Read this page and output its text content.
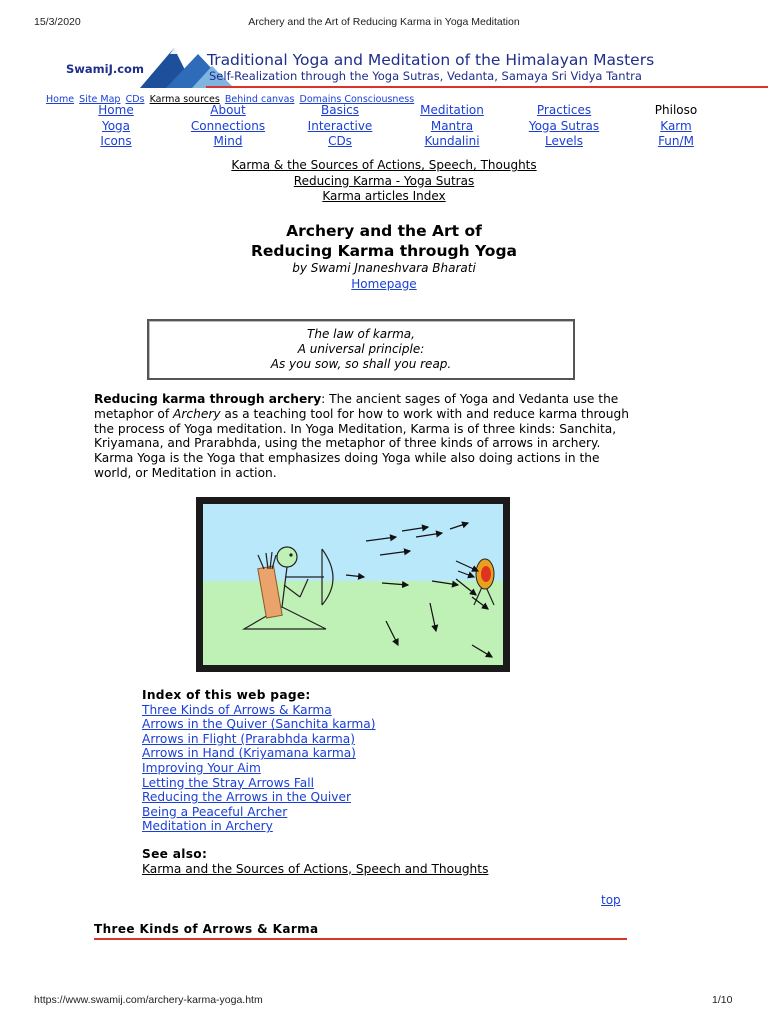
15/3/2020	Archery and the Art of Reducing Karma in Yoga Meditation
SwamiJ.com	Traditional Yoga and Meditation of the Himalayan Masters
Self-Realization through the Yoga Sutras, Vedanta, Samaya Sri Vidya Tantra
Home Site Map CDs Karma sources Behind canvas Domains Consciousness
Home	About	Basics	Meditation	Practices	Philoso
Yoga	Connections	Interactive	Mantra	Yoga Sutras	Karm
Icons	Mind	CDs	Kundalini	Levels	Fun/M
Karma & the Sources of Actions, Speech, Thoughts
Reducing Karma - Yoga Sutras
Karma articles Index
Archery and the Art of
Reducing Karma through Yoga
by Swami Jnaneshvara Bharati
Homepage
The law of karma,
A universal principle:
As you sow, so shall you reap.
Reducing karma through archery: The ancient sages of Yoga and Vedanta use the metaphor of Archery as a teaching tool for how to work with and reduce karma through the process of Yoga meditation. In Yoga Meditation, Karma is of three kinds: Sanchita, Kriyamana, and Prarabhda, using the metaphor of three kinds of arrows in archery. Karma Yoga is the Yoga that emphasizes doing Yoga while also doing actions in the world, or Meditation in action.
Index of this web page:
Three Kinds of Arrows & Karma
Arrows in the Quiver (Sanchita karma)
Arrows in Flight (Prarabhda karma)
Arrows in Hand (Kriyamana karma)
Improving Your Aim
Letting the Stray Arrows Fall
Reducing the Arrows in the Quiver
Being a Peaceful Archer
Meditation in Archery
See also:
Karma and the Sources of Actions, Speech and Thoughts
top
Three Kinds of Arrows & Karma
https://www.swamij.com/archery-karma-yoga.htm	1/10
